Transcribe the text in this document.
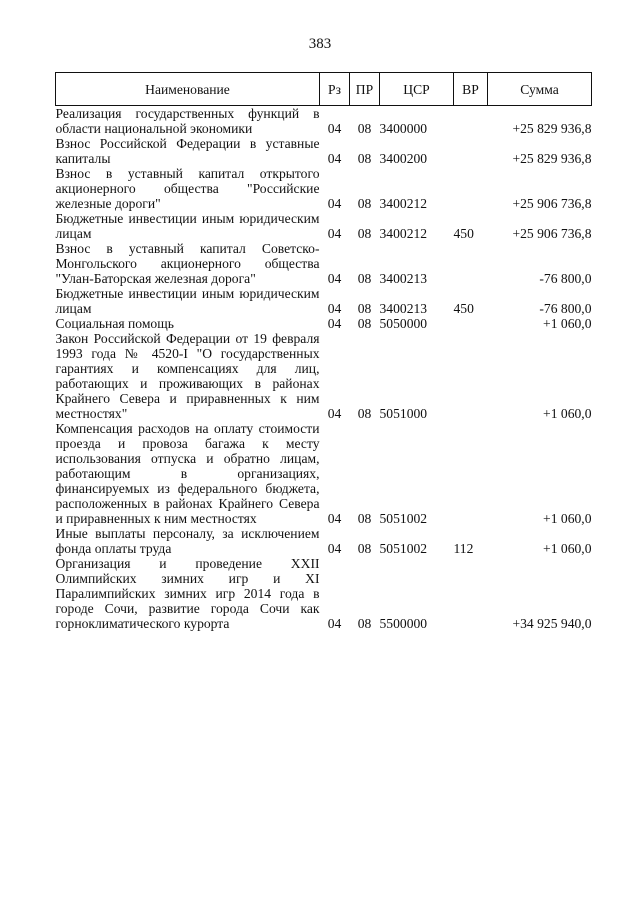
383
Наименование	Рз	ПР	ЦСР	ВР	Сумма
Реализация государственных функций в области национальной экономики	04	08	3400000		+25 829 936,8
Взнос Российской Федерации в уставные капиталы	04	08	3400200		+25 829 936,8
Взнос в уставный капитал открытого акционерного общества "Российские железные дороги"	04	08	3400212		+25 906 736,8
Бюджетные инвестиции иным юридическим лицам	04	08	3400212	450	+25 906 736,8
Взнос в уставный капитал Советско-Монгольского акционерного общества "Улан-Баторская железная дорога"	04	08	3400213		-76 800,0
Бюджетные инвестиции иным юридическим лицам	04	08	3400213	450	-76 800,0
Социальная помощь	04	08	5050000		+1 060,0
Закон Российской Федерации от 19 февраля 1993 года № 4520-I "О государственных гарантиях и компенсациях для лиц, работающих и проживающих в районах Крайнего Севера и приравненных к ним местностях"	04	08	5051000		+1 060,0
Компенсация расходов на оплату стоимости проезда и провоза багажа к месту использования отпуска и обратно лицам, работающим в организациях, финансируемых из федерального бюджета, расположенных в районах Крайнего Севера и приравненных к ним местностях	04	08	5051002		+1 060,0
Иные выплаты персоналу, за исключением фонда оплаты труда	04	08	5051002	112	+1 060,0
Организация и проведение XXII Олимпийских зимних игр и XI Паралимпийских зимних игр 2014 года в городе Сочи, развитие города Сочи как горноклиматического курорта	04	08	5500000		+34 925 940,0
